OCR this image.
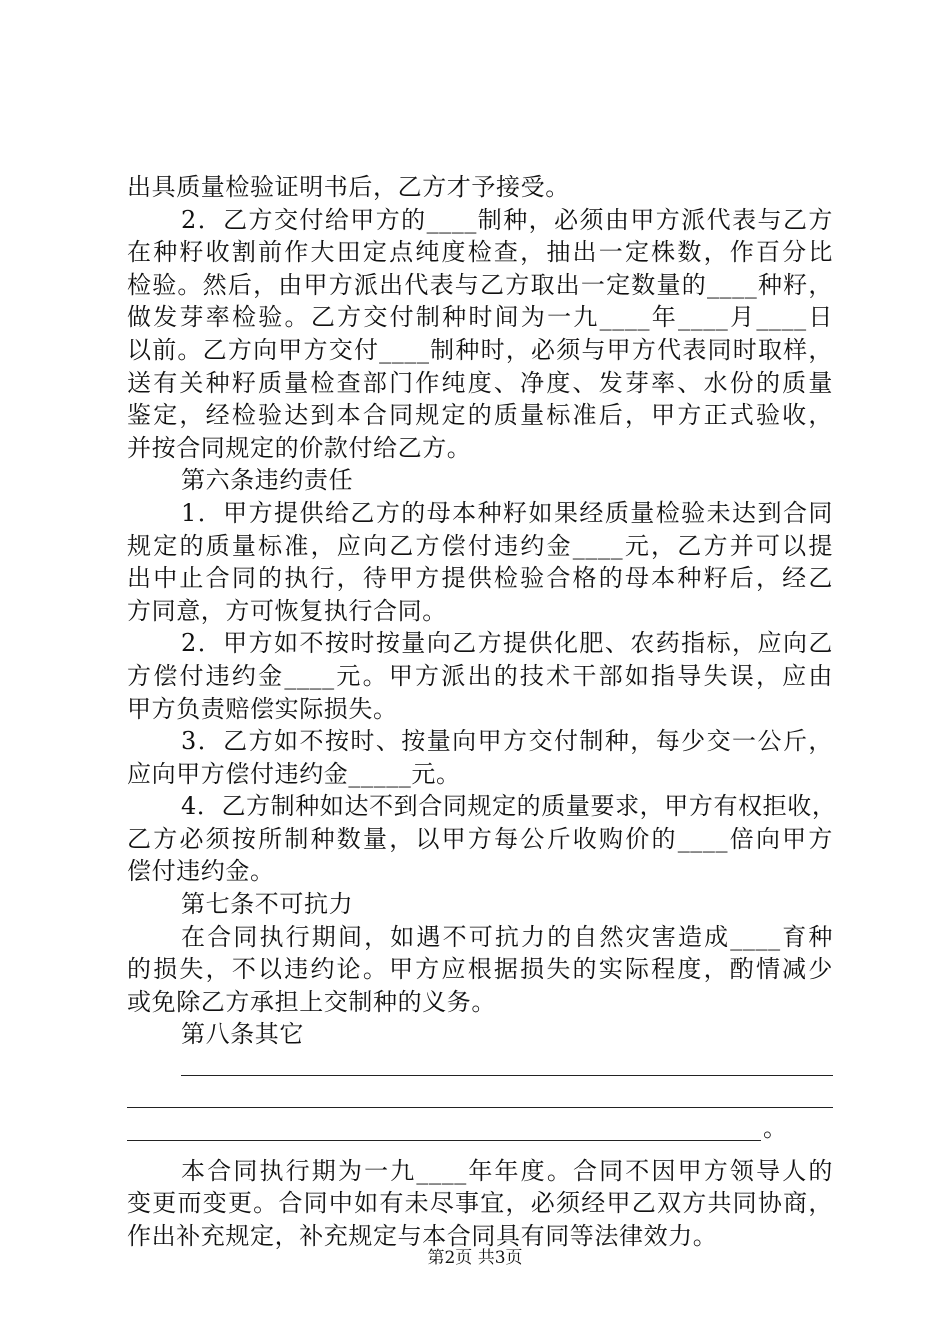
出具质量检验证明书后，乙方才予接受。
2．乙方交付给甲方的____制种，必须由甲方派代表与乙方
在种籽收割前作大田定点纯度检查，抽出一定株数，作百分比
检验。然后，由甲方派出代表与乙方取出一定数量的____种籽，
做发芽率检验。乙方交付制种时间为一九____年____月____日
以前。乙方向甲方交付____制种时，必须与甲方代表同时取样，
送有关种籽质量检查部门作纯度、净度、发芽率、水份的质量
鉴定，经检验达到本合同规定的质量标准后，甲方正式验收，
并按合同规定的价款付给乙方。
第六条违约责任
1．甲方提供给乙方的母本种籽如果经质量检验未达到合同
规定的质量标准，应向乙方偿付违约金____元，乙方并可以提
出中止合同的执行，待甲方提供检验合格的母本种籽后，经乙
方同意，方可恢复执行合同。
2．甲方如不按时按量向乙方提供化肥、农药指标，应向乙
方偿付违约金____元。甲方派出的技术干部如指导失误，应由
甲方负责赔偿实际损失。
3．乙方如不按时、按量向甲方交付制种，每少交一公斤，
应向甲方偿付违约金_____元。
4．乙方制种如达不到合同规定的质量要求，甲方有权拒收，
乙方必须按所制种数量，以甲方每公斤收购价的____倍向甲方
偿付违约金。
第七条不可抗力
在合同执行期间，如遇不可抗力的自然灾害造成____育种
的损失，不以违约论。甲方应根据损失的实际程度，酌情减少
或免除乙方承担上交制种的义务。
第八条其它
。
本合同执行期为一九____年年度。合同不因甲方领导人的
变更而变更。合同中如有未尽事宜，必须经甲乙双方共同协商，
作出补充规定，补充规定与本合同具有同等法律效力。
第2页 共3页
